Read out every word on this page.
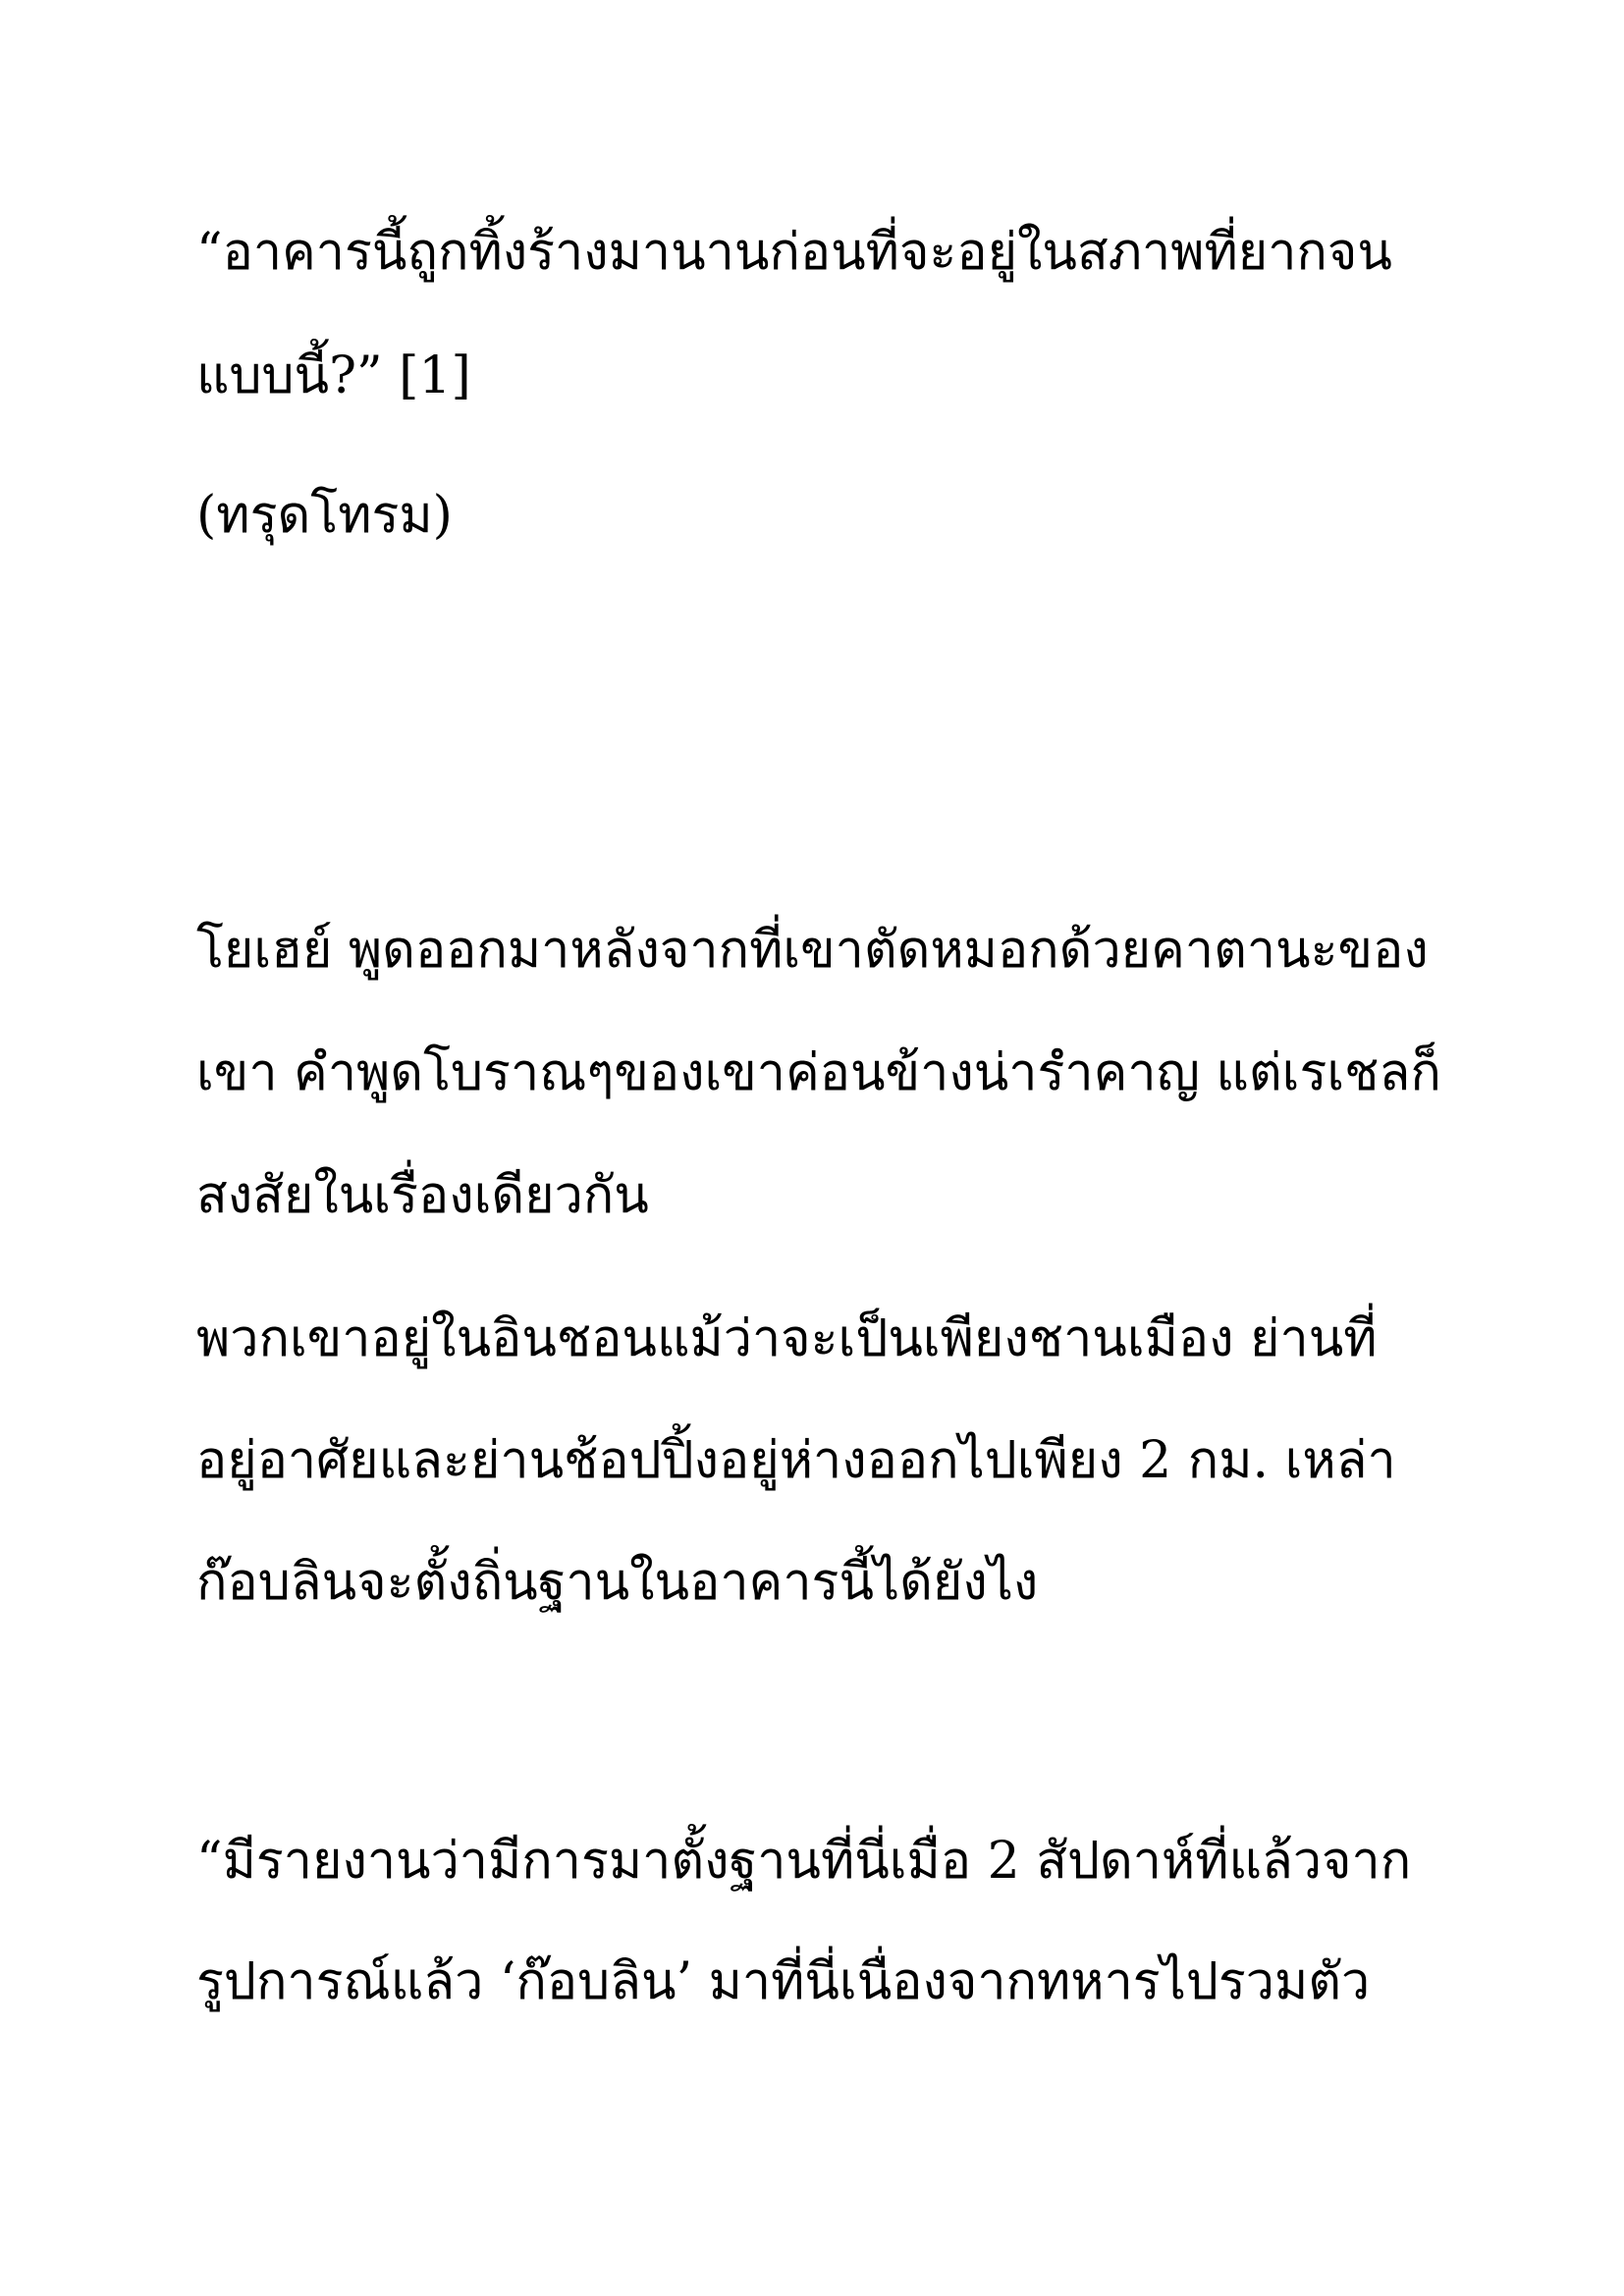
“อาคารนี้ถูกทิ้งร้างมานานก่อนที่จะอยู่ในสภาพที่ยากจน

แบบนี้?” [1]

(ทรุดโทรม)

โยเฮย์ พูดออกมาหลังจากที่เขาตัดหมอกด้วยคาตานะของ

เขา คำพูดโบราณๆของเขาค่อนข้างน่ารำคาญ แต่เรเชลก็

สงสัยในเรื่องเดียวกัน

พวกเขาอยู่ในอินชอนแม้ว่าจะเป็นเพียงชานเมือง ย่านที่

อยู่อาศัยและย่านช้อปปิ้งอยู่ห่างออกไปเพียง 2 กม. เหล่า

ก๊อบลินจะตั้งถิ่นฐานในอาคารนี้ได้ยังไง

“มีรายงานว่ามีการมาตั้งฐานที่นี่เมื่อ 2 สัปดาห์ที่แล้วจาก

รูปการณ์แล้ว ‘ก๊อบลิน’ มาที่นี่เนื่องจากทหารไปรวมตัว
